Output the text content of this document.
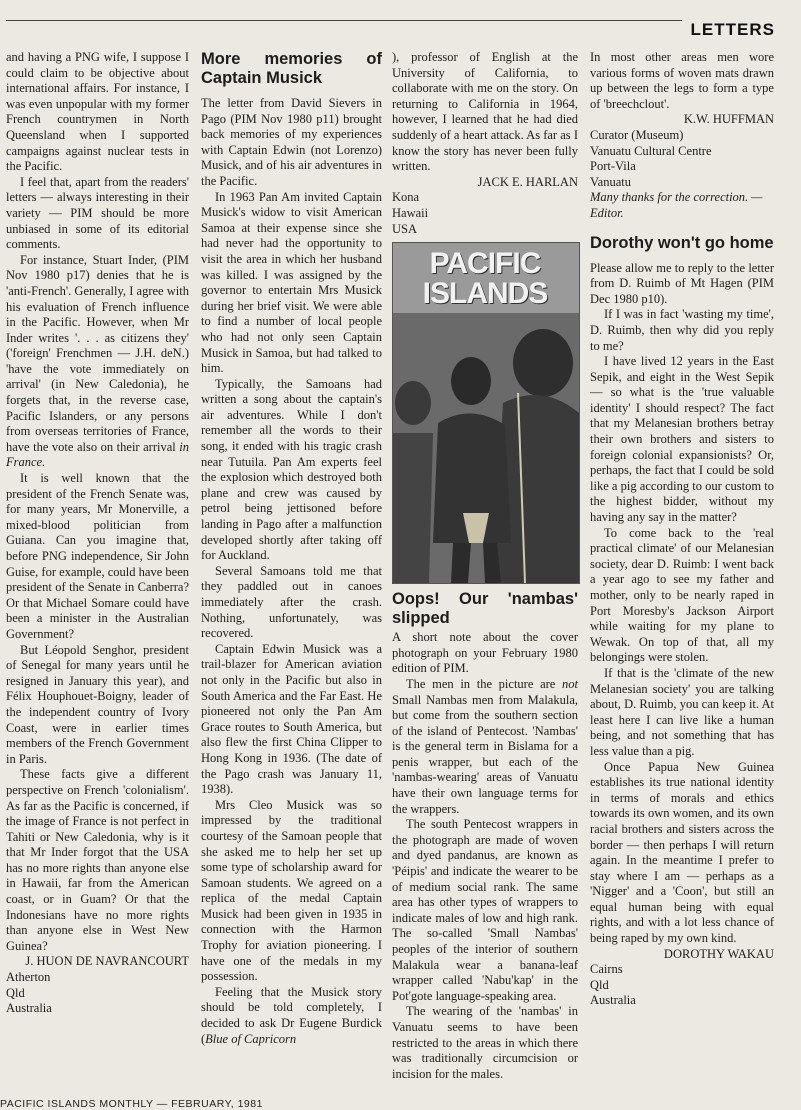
LETTERS

and having a PNG wife, I suppose I could claim to be objective about international affairs. For instance, I was even unpopular with my former French countrymen in North Queensland when I supported campaigns against nuclear tests in the Pacific.

I feel that, apart from the readers' letters — always interesting in their variety — PIM should be more unbiased in some of its editorial comments.

For instance, Stuart Inder, (PIM Nov 1980 p17) denies that he is 'anti-French'. Generally, I agree with his evaluation of French influence in the Pacific. However, when Mr Inder writes '. . . as citizens they' ('foreign' Frenchmen — J.H. deN.) 'have the vote immediately on arrival' (in New Caledonia), he forgets that, in the reverse case, Pacific Islanders, or any persons from overseas territories of France, have the vote also on their arrival in France.

It is well known that the president of the French Senate was, for many years, Mr Monerville, a mixed-blood politician from Guiana. Can you imagine that, before PNG independence, Sir John Guise, for example, could have been president of the Senate in Canberra? Or that Michael Somare could have been a minister in the Australian Government?

But Léopold Senghor, president of Senegal for many years until he resigned in January this year), and Félix Houphouet-Boigny, leader of the independent country of Ivory Coast, were in earlier times members of the French Government in Paris.

These facts give a different perspective on French 'colonialism'. As far as the Pacific is concerned, if the image of France is not perfect in Tahiti or New Caledonia, why is it that Mr Inder forgot that the USA has no more rights than anyone else in Hawaii, far from the American coast, or in Guam? Or that the Indonesians have no more rights than anyone else in West New Guinea?

J. HUON DE NAVRANCOURT

Atherton
Qld
Australia
More memories of Captain Musick

The letter from David Sievers in Pago (PIM Nov 1980 p11) brought back memories of my experiences with Captain Edwin (not Lorenzo) Musick, and of his air adventures in the Pacific.

In 1963 Pan Am invited Captain Musick's widow to visit American Samoa at their expense since she had never had the opportunity to visit the area in which her husband was killed. I was assigned by the governor to entertain Mrs Musick during her brief visit. We were able to find a number of local people who had not only seen Captain Musick in Samoa, but had talked to him.

Typically, the Samoans had written a song about the captain's air adventures. While I don't remember all the words to their song, it ended with his tragic crash near Tutuila. Pan Am experts feel the explosion which destroyed both plane and crew was caused by petrol being jettisoned before landing in Pago after a malfunction developed shortly after taking off for Auckland.

Several Samoans told me that they paddled out in canoes immediately after the crash. Nothing, unfortunately, was recovered.

Captain Edwin Musick was a trail-blazer for American aviation not only in the Pacific but also in South America and the Far East. He pioneered not only the Pan Am Grace routes to South America, but also flew the first China Clipper to Hong Kong in 1936. (The date of the Pago crash was January 11, 1938).

Mrs Cleo Musick was so impressed by the traditional courtesy of the Samoan people that she asked me to help her set up some type of scholarship award for Samoan students. We agreed on a replica of the medal Captain Musick had been given in 1935 in connection with the Harmon Trophy for aviation pioneering. I have one of the medals in my possession.

Feeling that the Musick story should be told completely, I decided to ask Dr Eugene Burdick (Blue of Capricorn

), professor of English at the University of California, to collaborate with me on the story. On returning to California in 1964, however, I learned that he had died suddenly of a heart attack. As far as I know the story has never been fully written.

JACK E. HARLAN

Kona
Hawaii
USA
PACIFIC ISLANDS
Oops! Our 'nambas' slipped

A short note about the cover photograph on your February 1980 edition of PIM.

The men in the picture are not Small Nambas men from Malakula, but come from the southern section of the island of Pentecost. 'Nambas' is the general term in Bislama for a penis wrapper, but each of the 'nambas-wearing' areas of Vanuatu have their own language terms for the wrappers.

The south Pentecost wrappers in the photograph are made of woven and dyed pandanus, are known as 'Péipis' and indicate the wearer to be of medium social rank. The same area has other types of wrappers to indicate males of low and high rank. The so-called 'Small Nambas' peoples of the interior of southern Malakula wear a banana-leaf wrapper called 'Nabu'kap' in the Pot'gote language-speaking area.

The wearing of the 'nambas' in Vanuatu seems to have been restricted to the areas in which there was traditionally circumcision or incision for the males.

In most other areas men wore various forms of woven mats drawn up between the legs to form a type of 'breechclout'.

K.W. HUFFMAN

Curator (Museum)
Vanuatu Cultural Centre
Port-Vila
Vanuatu
Many thanks for the correction. — Editor.
Dorothy won't go home

Please allow me to reply to the letter from D. Ruimb of Mt Hagen (PIM Dec 1980 p10).

If I was in fact 'wasting my time', D. Ruimb, then why did you reply to me?

I have lived 12 years in the East Sepik, and eight in the West Sepik — so what is the 'true valuable identity' I should respect? The fact that my Melanesian brothers betray their own brothers and sisters to foreign colonial expansionists? Or, perhaps, the fact that I could be sold like a pig according to our custom to the highest bidder, without my having any say in the matter?

To come back to the 'real practical climate' of our Melanesian society, dear D. Ruimb: I went back a year ago to see my father and mother, only to be nearly raped in Port Moresby's Jackson Airport while waiting for my plane to Wewak. On top of that, all my belongings were stolen.

If that is the 'climate of the new Melanesian society' you are talking about, D. Ruimb, you can keep it. At least here I can live like a human being, and not something that has less value than a pig.

Once Papua New Guinea establishes its true national identity in terms of morals and ethics towards its own women, and its own racial brothers and sisters across the border — then perhaps I will return again. In the meantime I prefer to stay where I am — perhaps as a 'Nigger' and a 'Coon', but still an equal human being with equal rights, and with a lot less chance of being raped by my own kind.

DOROTHY WAKAU

Cairns
Qld
Australia
PACIFIC ISLANDS MONTHLY — FEBRUARY, 1981
